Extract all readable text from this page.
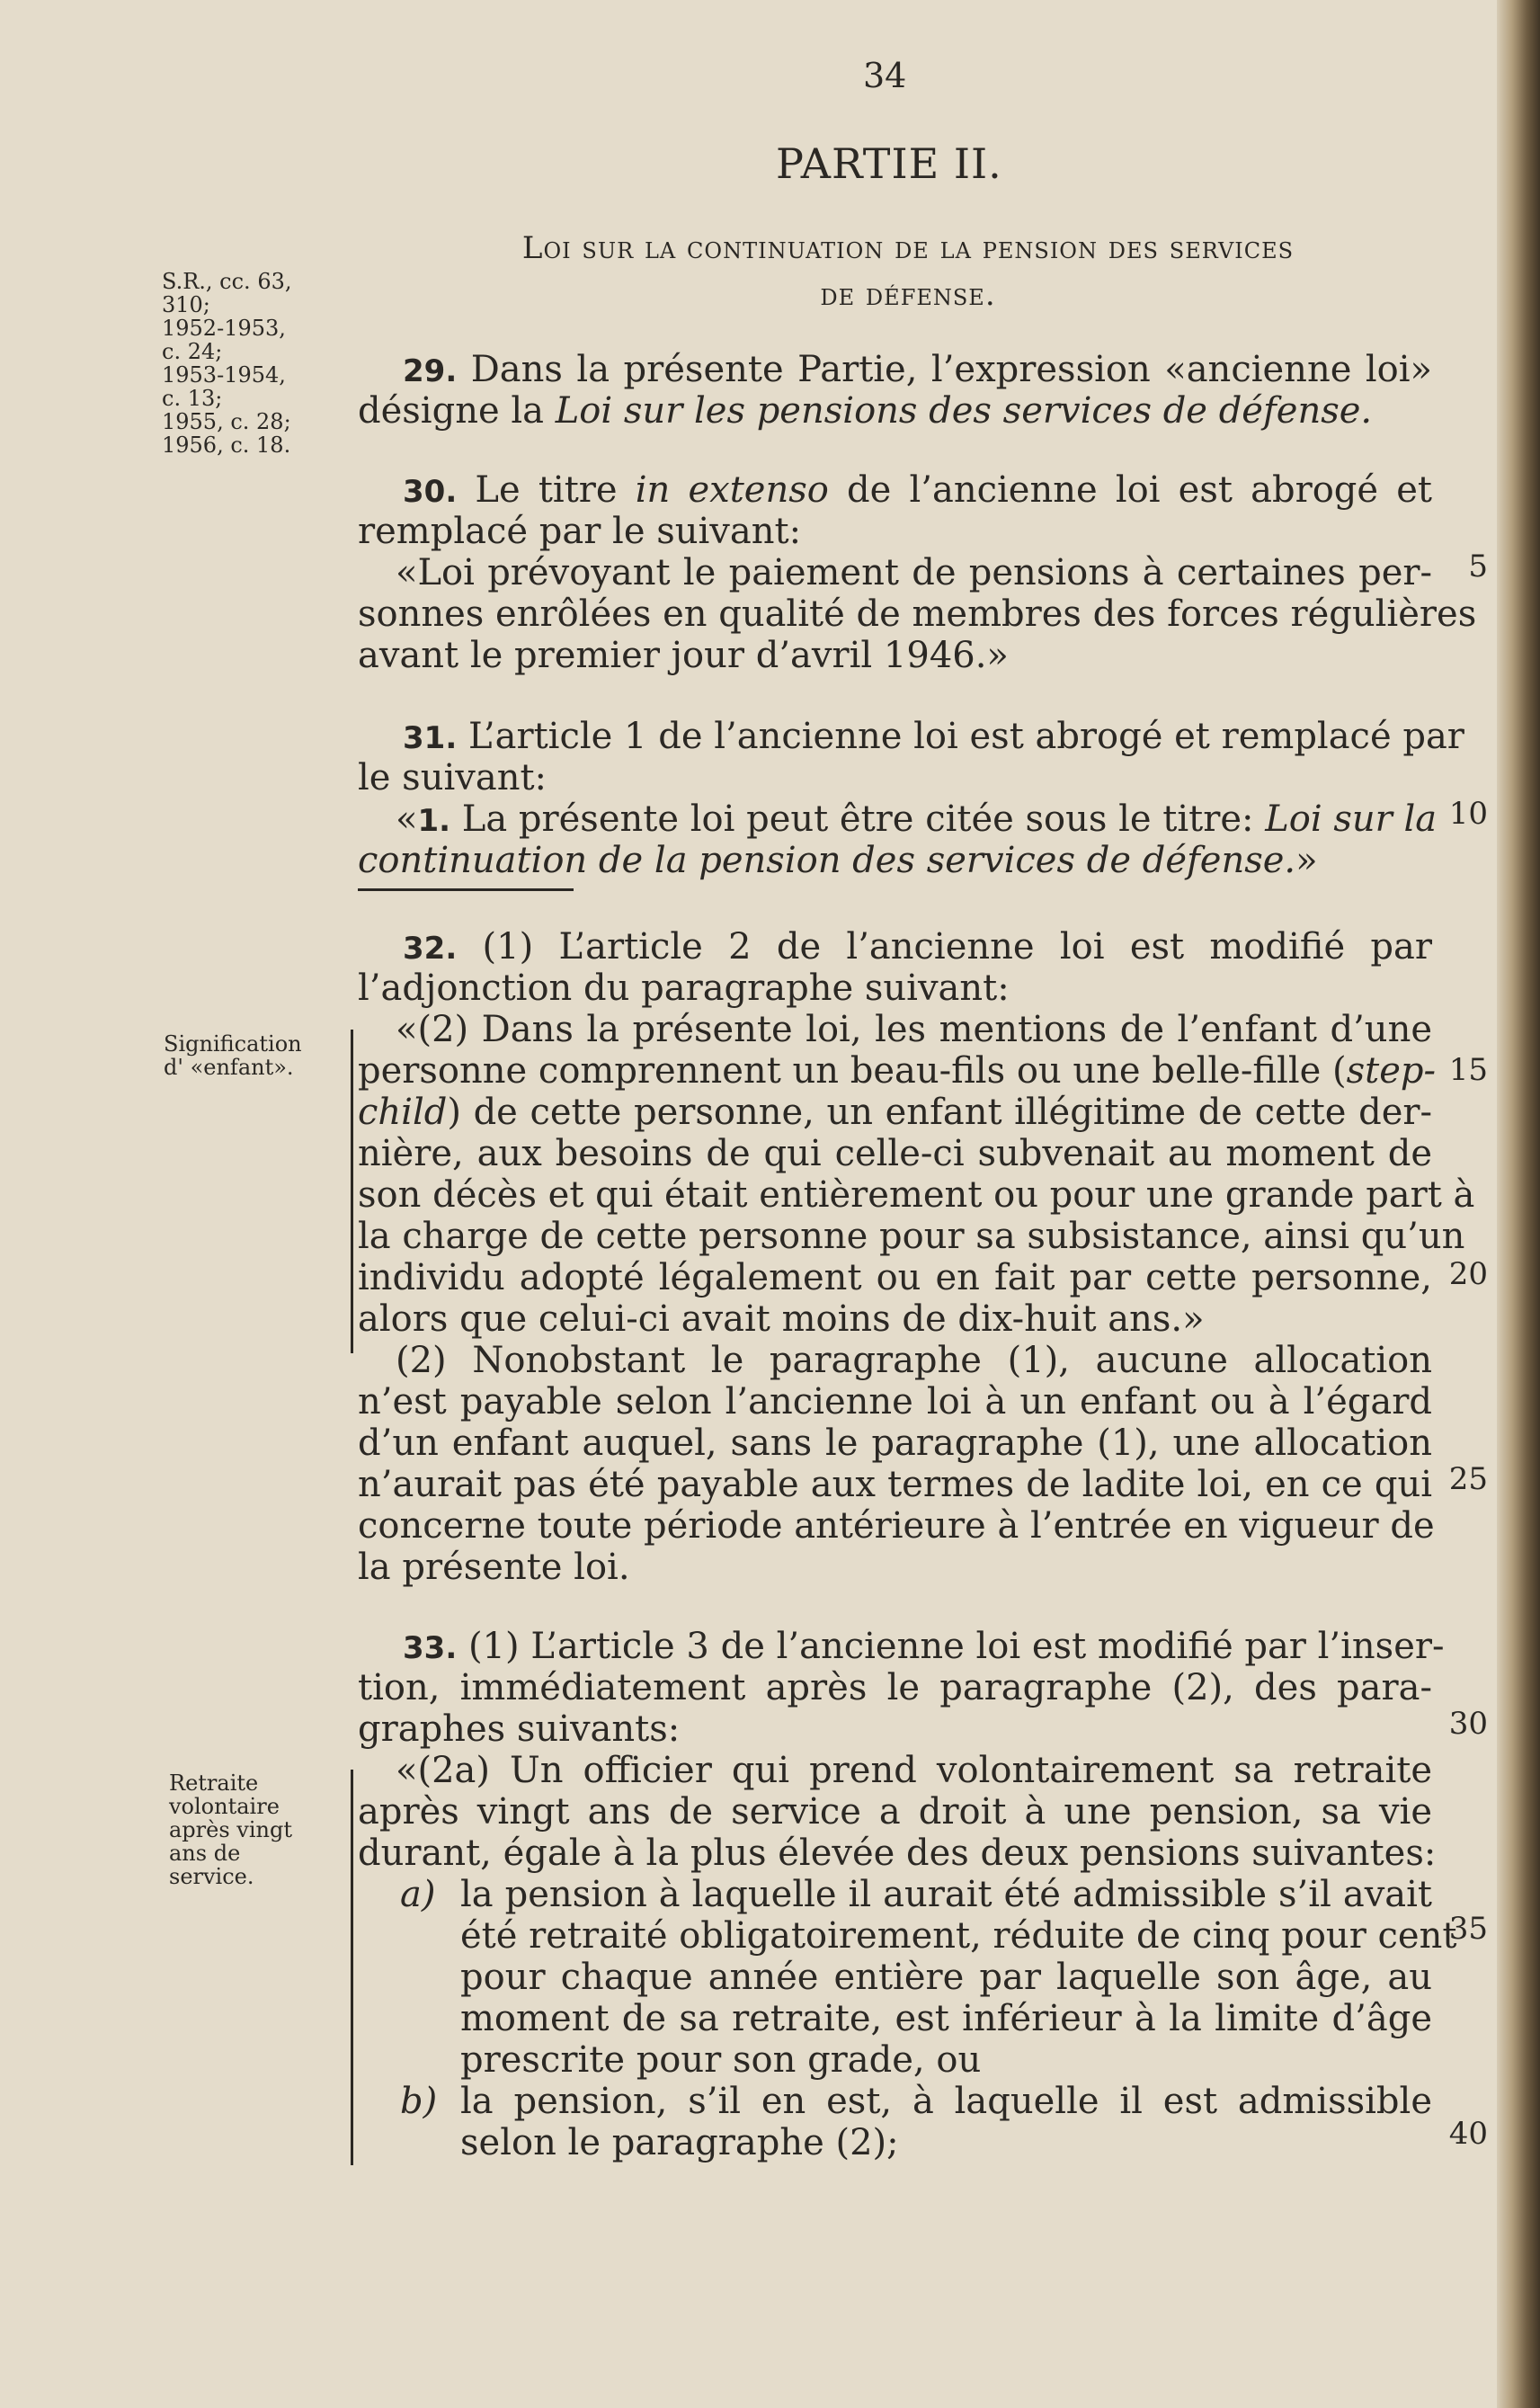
34
PARTIE II.
Loi sur la continuation de la pension des services
de défense.
S.R., cc. 63,
310;
1952-1953,
c. 24;
1953-1954,
c. 13;
1955, c. 28;
1956, c. 18.
Signification
d' «enfant».
Retraite
volontaire
après vingt
ans de
service.
5
10
15
20
25
30
35
40
29. Dans la présente Partie, l’expression «ancienne loi»
désigne la Loi sur les pensions des services de défense.
30. Le titre in extenso de l’ancienne loi est abrogé et
remplacé par le suivant:
«Loi prévoyant le paiement de pensions à certaines per-
sonnes enrôlées en qualité de membres des forces régulières
avant le premier jour d’avril 1946.»
31. L’article 1 de l’ancienne loi est abrogé et remplacé par
le suivant:
«1. La présente loi peut être citée sous le titre: Loi sur la
continuation de la pension des services de défense.»
32. (1) L’article 2 de l’ancienne loi est modifié par
l’adjonction du paragraphe suivant:
«(2) Dans la présente loi, les mentions de l’enfant d’une
personne comprennent un beau-fils ou une belle-fille (step-
child) de cette personne, un enfant illégitime de cette der-
nière, aux besoins de qui celle-ci subvenait au moment de
son décès et qui était entièrement ou pour une grande part à
la charge de cette personne pour sa subsistance, ainsi qu’un
individu adopté légalement ou en fait par cette personne,
alors que celui-ci avait moins de dix-huit ans.»
(2) Nonobstant le paragraphe (1), aucune allocation
n’est payable selon l’ancienne loi à un enfant ou à l’égard
d’un enfant auquel, sans le paragraphe (1), une allocation
n’aurait pas été payable aux termes de ladite loi, en ce qui
concerne toute période antérieure à l’entrée en vigueur de
la présente loi.
33. (1) L’article 3 de l’ancienne loi est modifié par l’inser-
tion, immédiatement après le paragraphe (2), des para-
graphes suivants:
«(2a) Un officier qui prend volontairement sa retraite
après vingt ans de service a droit à une pension, sa vie
durant, égale à la plus élevée des deux pensions suivantes:
a) la pension à laquelle il aurait été admissible s’il avait
été retraité obligatoirement, réduite de cinq pour cent
pour chaque année entière par laquelle son âge, au
moment de sa retraite, est inférieur à la limite d’âge
prescrite pour son grade, ou
b) la pension, s’il en est, à laquelle il est admissible
selon le paragraphe (2);
